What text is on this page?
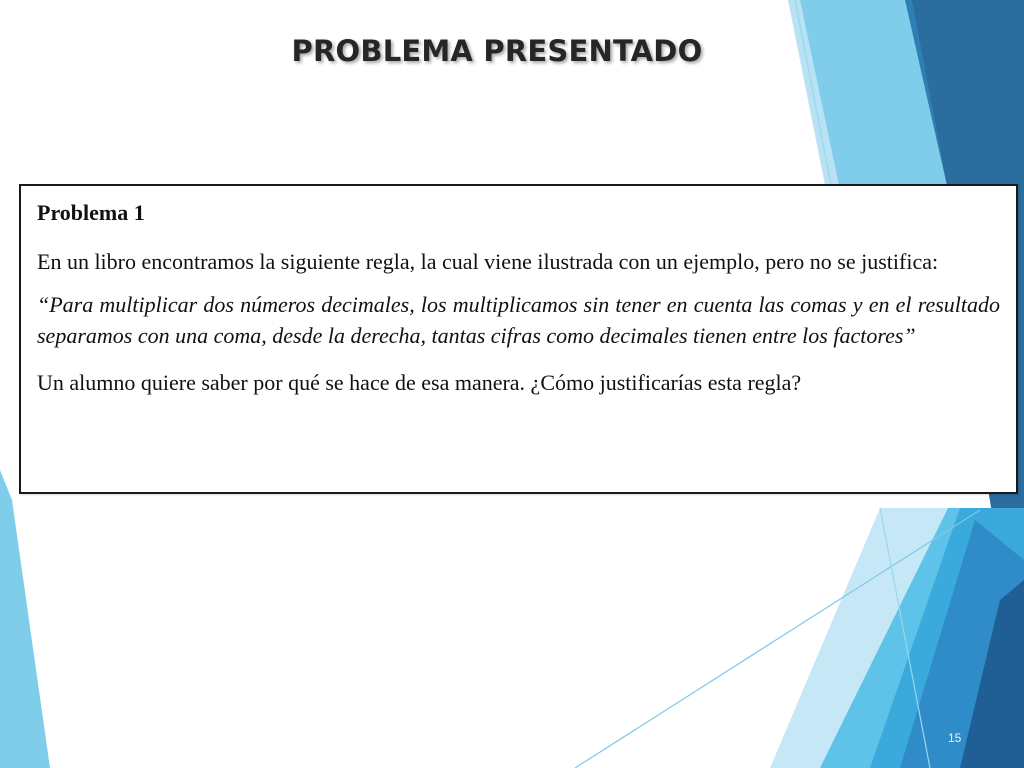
PROBLEMA PRESENTADO
Problema 1

En un libro encontramos la siguiente regla, la cual viene ilustrada con un ejemplo, pero no se justifica:

“Para multiplicar dos números decimales, los multiplicamos sin tener en cuenta las comas y en el resultado separamos con una coma, desde la derecha, tantas cifras como decimales tienen entre los factores”

Un alumno quiere saber por qué se hace de esa manera. ¿Cómo justificarías esta regla?

15
